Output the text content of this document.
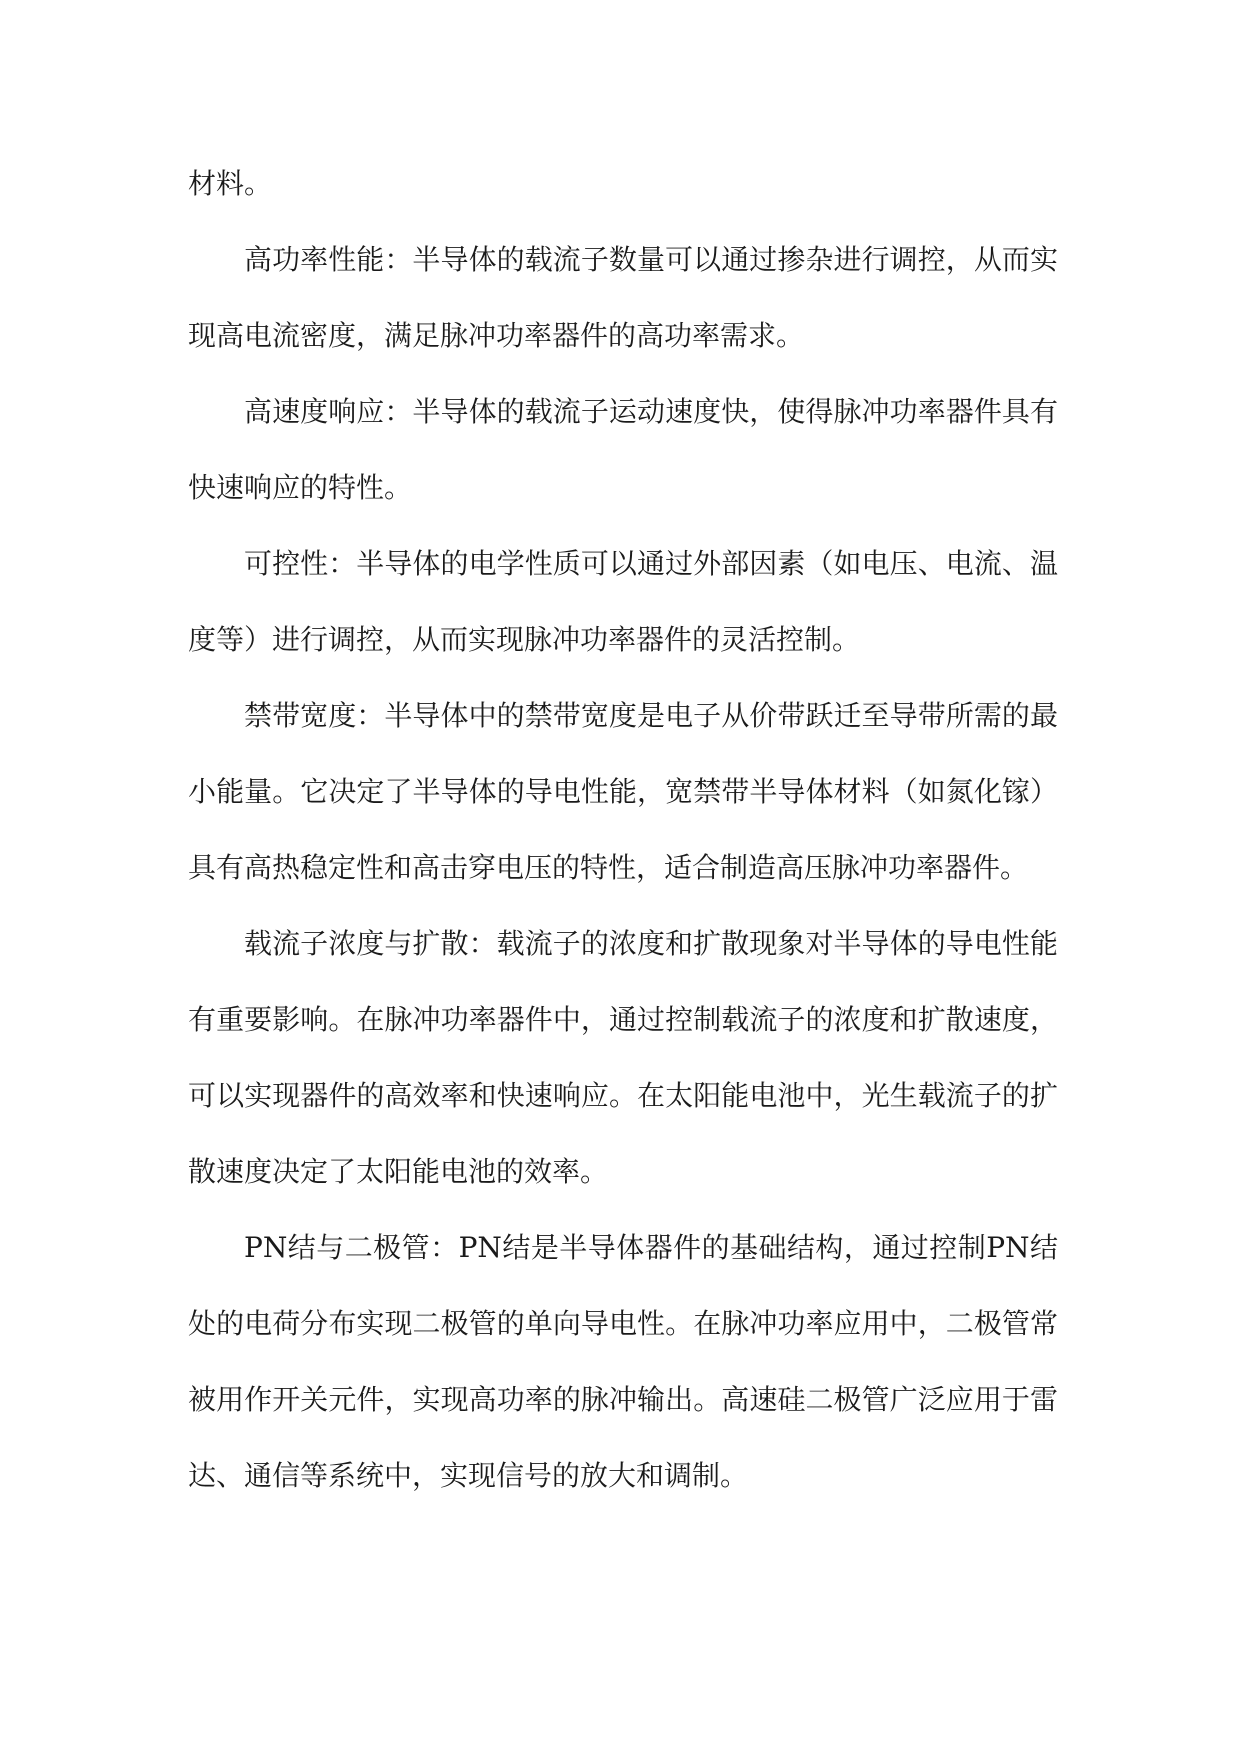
材料。

高功率性能：半导体的载流子数量可以通过掺杂进行调控，从而实现高电流密度，满足脉冲功率器件的高功率需求。

高速度响应：半导体的载流子运动速度快，使得脉冲功率器件具有快速响应的特性。

可控性：半导体的电学性质可以通过外部因素（如电压、电流、温度等）进行调控，从而实现脉冲功率器件的灵活控制。

禁带宽度：半导体中的禁带宽度是电子从价带跃迁至导带所需的最小能量。它决定了半导体的导电性能，宽禁带半导体材料（如氮化镓）具有高热稳定性和高击穿电压的特性，适合制造高压脉冲功率器件。

载流子浓度与扩散：载流子的浓度和扩散现象对半导体的导电性能有重要影响。在脉冲功率器件中，通过控制载流子的浓度和扩散速度，可以实现器件的高效率和快速响应。在太阳能电池中，光生载流子的扩散速度决定了太阳能电池的效率。

PN结与二极管：PN结是半导体器件的基础结构，通过控制PN结处的电荷分布实现二极管的单向导电性。在脉冲功率应用中，二极管常被用作开关元件，实现高功率的脉冲输出。高速硅二极管广泛应用于雷达、通信等系统中，实现信号的放大和调制。
